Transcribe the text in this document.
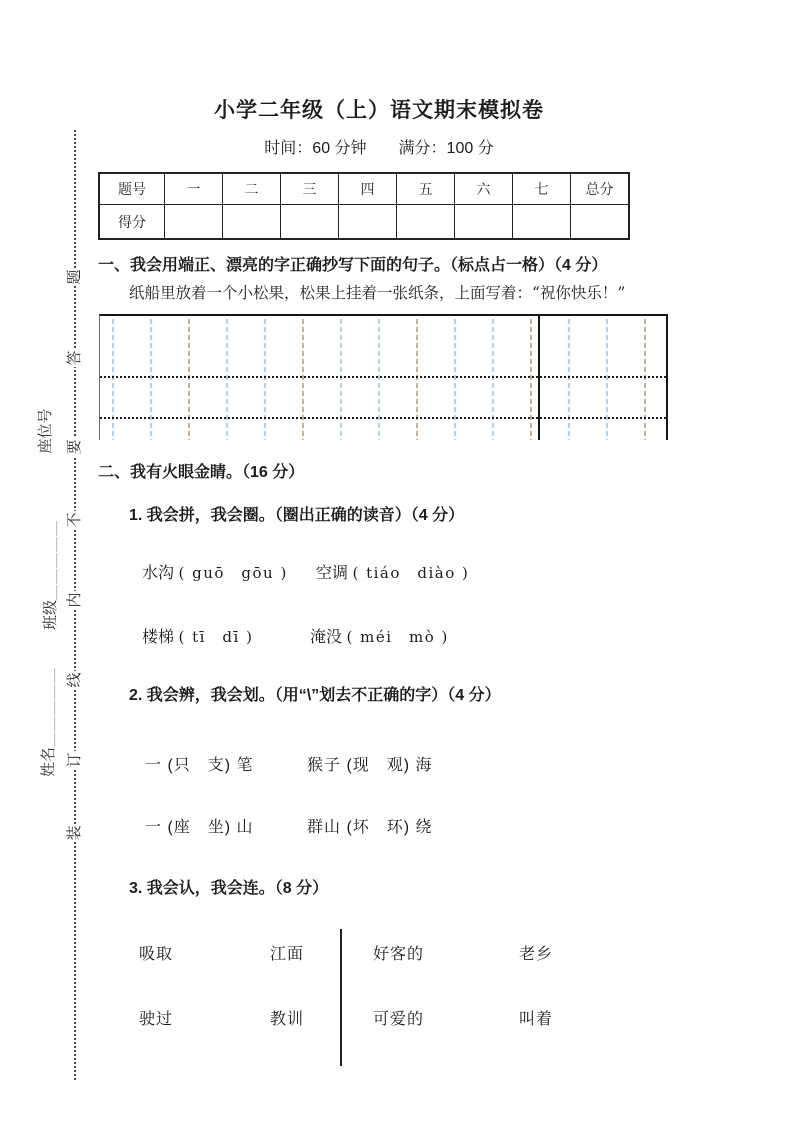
题
答
要
不
内
线
订
装
座位号
班级＿＿＿＿＿
姓名＿＿＿＿＿
小学二年级（上）语文期末模拟卷
时间：60 分钟　　满分：100 分
题号	一	二	三	四	五	六	七	总分
得分								
一、我会用端正、漂亮的字正确抄写下面的句子。（标点占一格）（4 分）
纸船里放着一个小松果，松果上挂着一张纸条，上面写着：“祝你快乐！”
二、我有火眼金睛。（16 分）
1. 我会拼，我会圈。（圈出正确的读音）（4 分）
水沟 ( guō　gōu ) 空调 ( tiáo　diào )
楼梯 ( tī　dī )	淹没 ( méi　mò )
2. 我会辨，我会划。（用“\”划去不正确的字）（4 分）
一 (只　支) 笔	猴子 (现　观) 海
一 (座　坐) 山	群山 (坏　环) 绕
3. 我会认，我会连。（8 分）
吸取	江面	好客的	老乡
驶过	教训	可爱的	叫着
